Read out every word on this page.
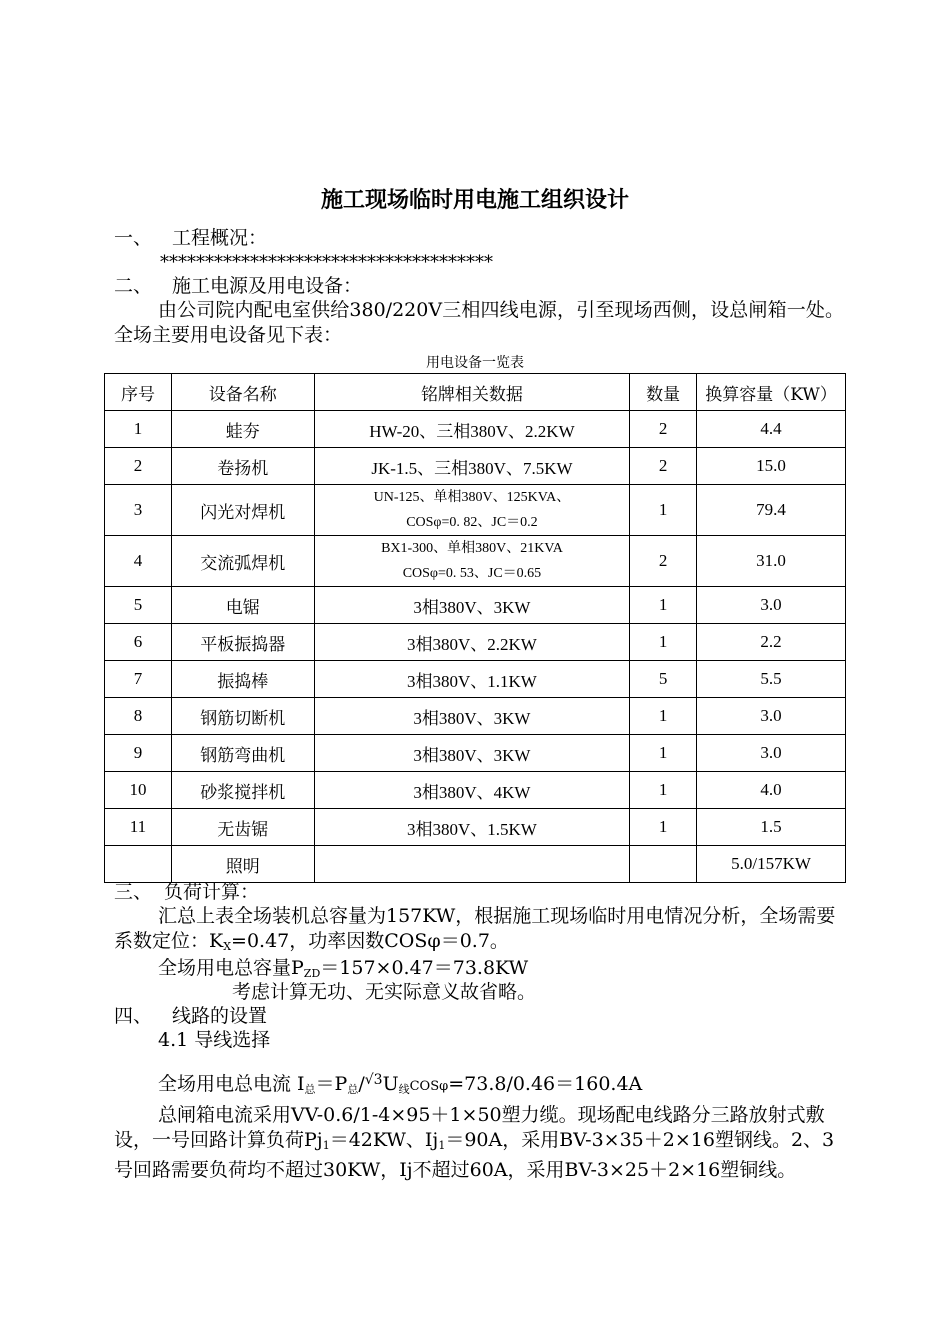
施工现场临时用电施工组织设计
一、 工程概况：
*************************************
二、 施工电源及用电设备：
由公司院内配电室供给380/220V三相四线电源，引至现场西侧，设总闸箱一处。全场主要用电设备见下表：
用电设备一览表
序号	设备名称	铭牌相关数据	数量	换算容量（KW）
1	蛙夯	HW-20、三相380V、2.2KW	2	4.4
2	卷扬机	JK-1.5、三相380V、7.5KW	2	15.0
3	闪光对焊机	UN-125、单相380V、125KVA、
COSφ=0. 82、JC＝0.2	1	79.4
4	交流弧焊机	BX1-300、单相380V、21KVA
COSφ=0. 53、JC＝0.65	2	31.0
5	电锯	3相380V、3KW	1	3.0
6	平板振捣器	3相380V、2.2KW	1	2.2
7	振捣棒	3相380V、1.1KW	5	5.5
8	钢筋切断机	3相380V、3KW	1	3.0
9	钢筋弯曲机	3相380V、3KW	1	3.0
10	砂浆搅拌机	3相380V、4KW	1	4.0
11	无齿锯	3相380V、1.5KW	1	1.5
	照明			5.0/157KW
三、 负荷计算：
汇总上表全场装机总容量为157KW，根据施工现场临时用电情况分析，全场需要系数定位：$K_X=0.47$，功率因数COSφ＝0.7。
全场用电总容量$P_{ZD}=157\times 0.47=73.8KW$
考虑计算无功、无实际意义故省略。
四、 线路的设置
4.1 导线选择
全场用电总电流 $I_总=P_总/^{√3}U_线COS\varphi=73.8/0.46=160.4A$
总闸箱电流采用VV-0.6/1-4×95＋1×50塑力缆。现场配电线路分三路放射式敷设，一号回路计算负荷$Pj_1=42KW$、$Ij_1=90A$，采用BV-3×35＋2×16塑钢线。2、3号回路需要负荷均不超过30KW，Ij不超过60A，采用BV-3×25＋2×16塑铜线。
